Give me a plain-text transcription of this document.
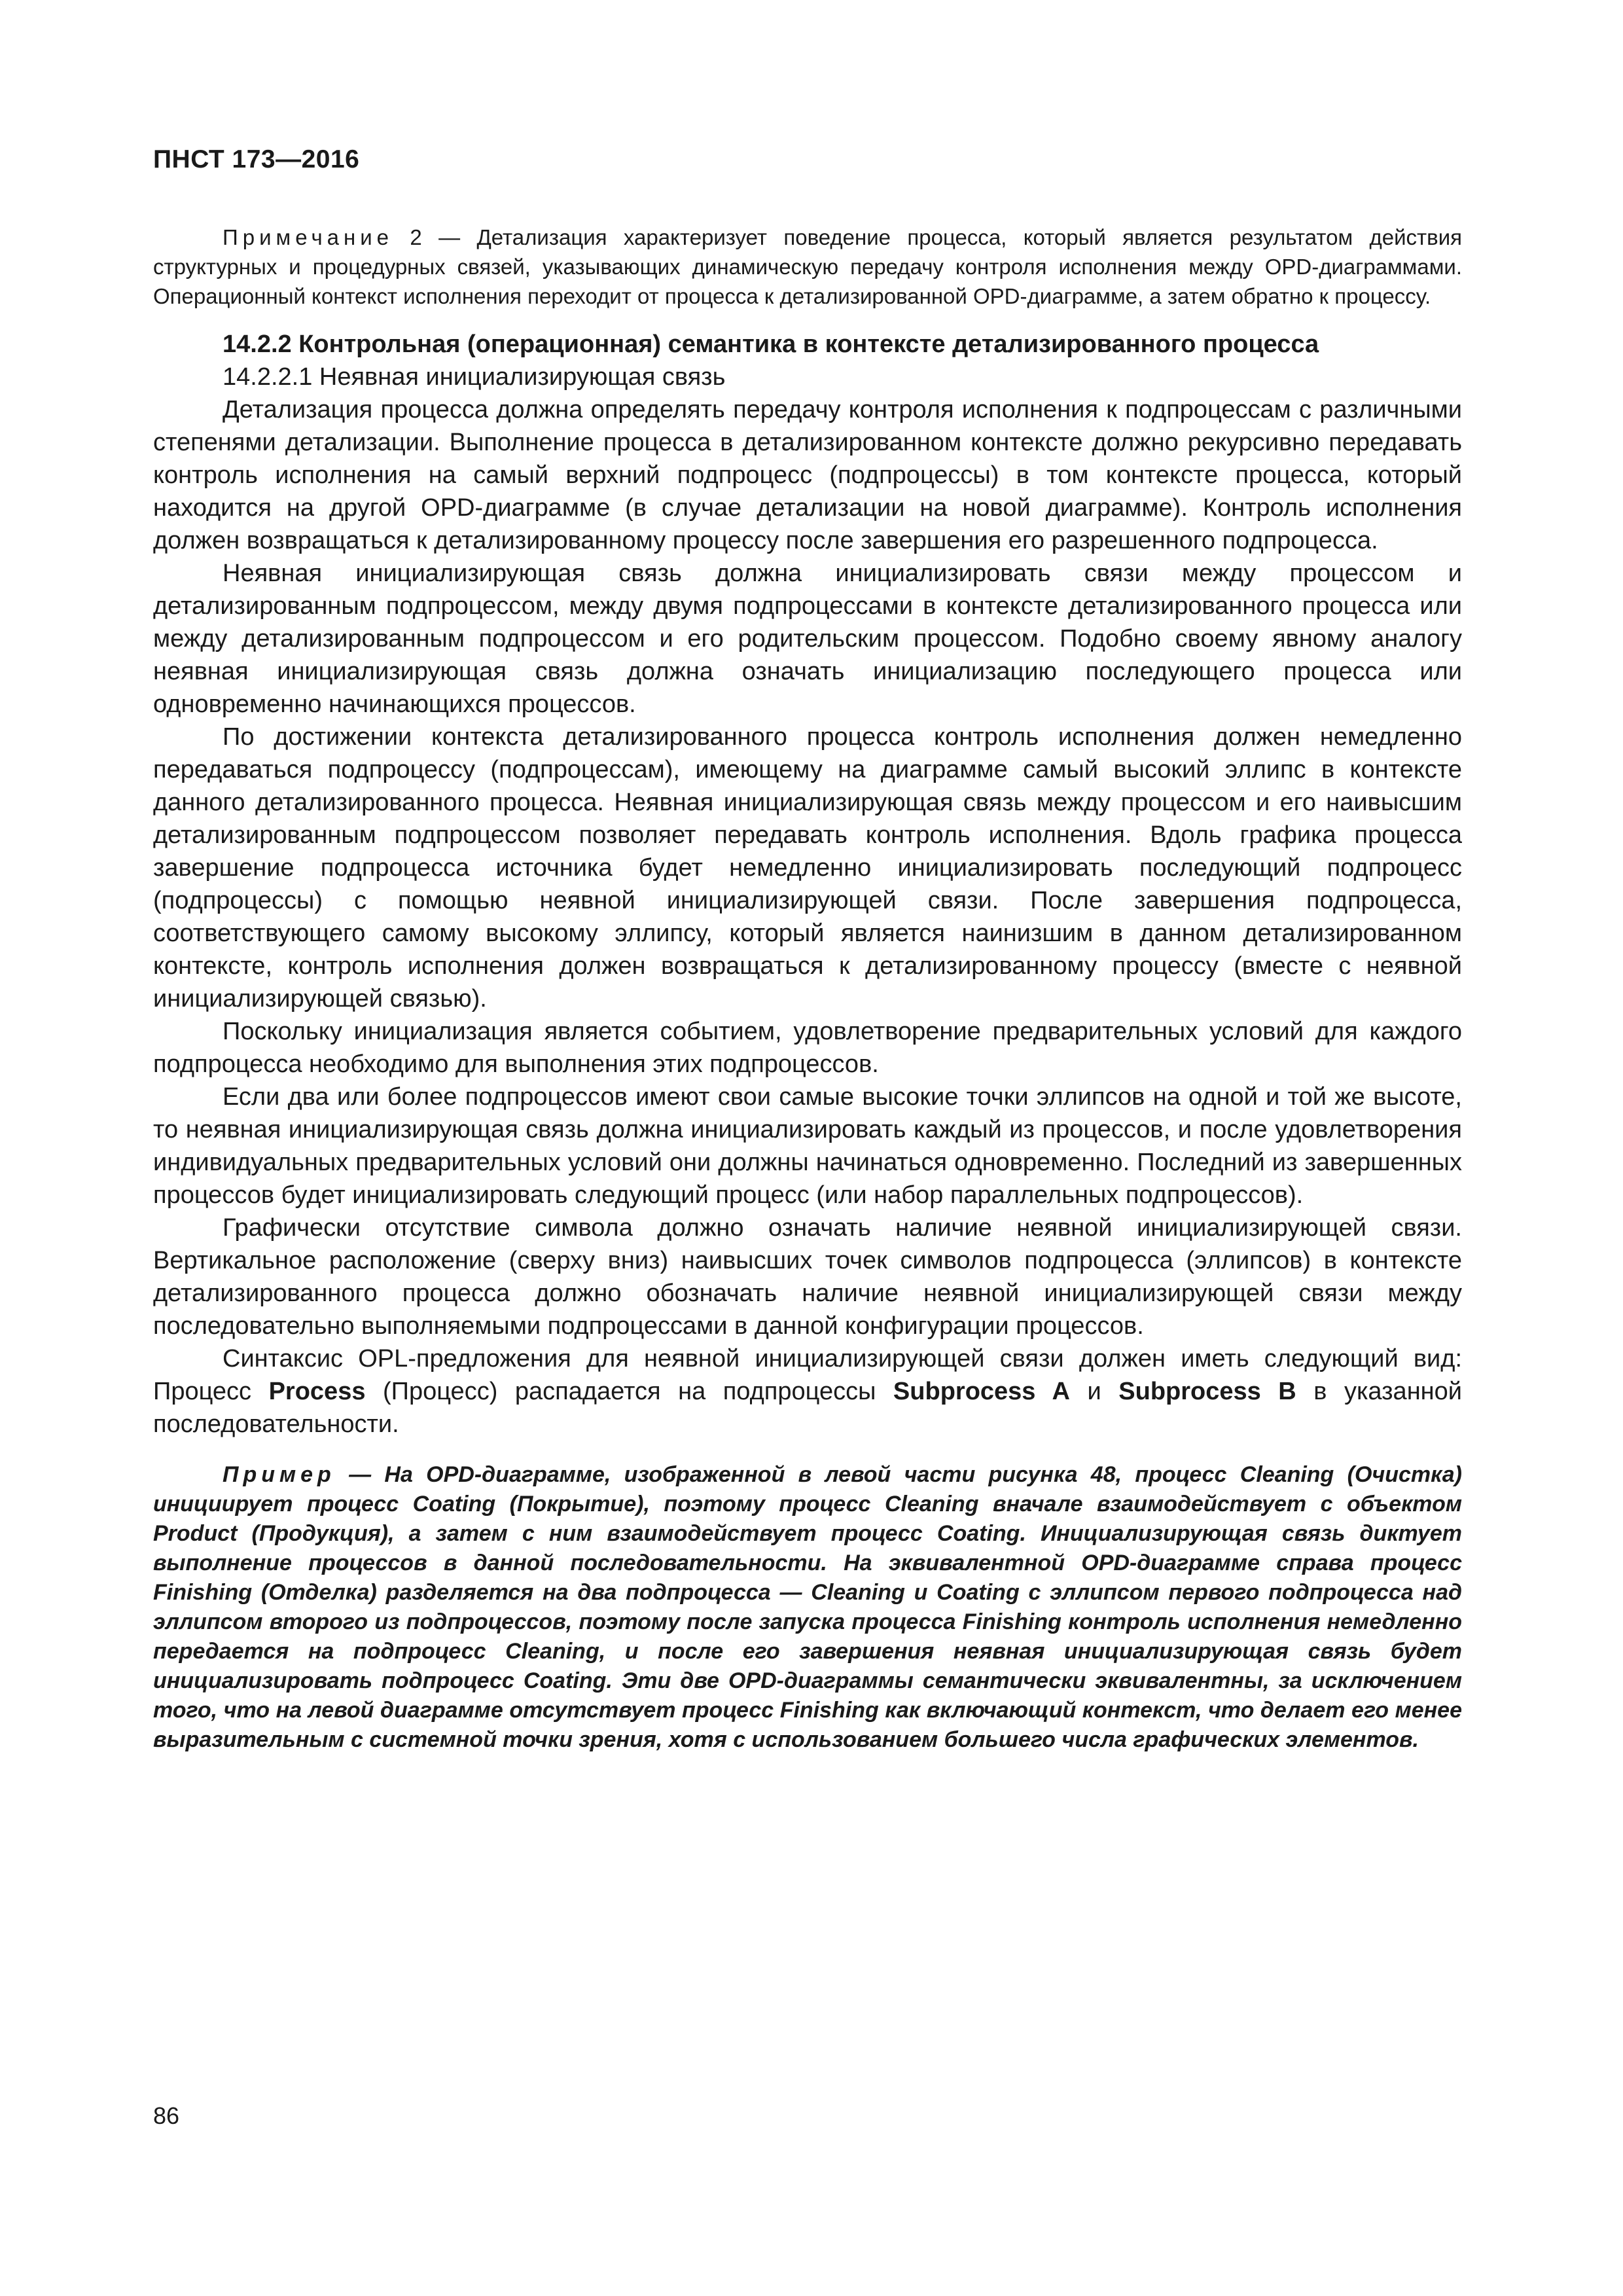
ПНСТ 173—2016

Примечание 2 — Детализация характеризует поведение процесса, который является результатом действия структурных и процедурных связей, указывающих динамическую передачу контроля исполнения между OPD-диаграммами. Операционный контекст исполнения переходит от процесса к детализированной OPD-диаграмме, а затем обратно к процессу.

14.2.2 Контрольная (операционная) семантика в контексте детализированного процесса

14.2.2.1 Неявная инициализирующая связь

Детализация процесса должна определять передачу контроля исполнения к подпроцессам с различными степенями детализации. Выполнение процесса в детализированном контексте должно рекурсивно передавать контроль исполнения на самый верхний подпроцесс (подпроцессы) в том контексте процесса, который находится на другой OPD-диаграмме (в случае детализации на новой диаграмме). Контроль исполнения должен возвращаться к детализированному процессу после завершения его разрешенного подпроцесса.

Неявная инициализирующая связь должна инициализировать связи между процессом и детализированным подпроцессом, между двумя подпроцессами в контексте детализированного процесса или между детализированным подпроцессом и его родительским процессом. Подобно своему явному аналогу неявная инициализирующая связь должна означать инициализацию последующего процесса или одновременно начинающихся процессов.

По достижении контекста детализированного процесса контроль исполнения должен немедленно передаваться подпроцессу (подпроцессам), имеющему на диаграмме самый высокий эллипс в контексте данного детализированного процесса. Неявная инициализирующая связь между процессом и его наивысшим детализированным подпроцессом позволяет передавать контроль исполнения. Вдоль графика процесса завершение подпроцесса источника будет немедленно инициализировать последующий подпроцесс (подпроцессы) с помощью неявной инициализирующей связи. После завершения подпроцесса, соответствующего самому высокому эллипсу, который является наинизшим в данном детализированном контексте, контроль исполнения должен возвращаться к детализированному процессу (вместе с неявной инициализирующей связью).

Поскольку инициализация является событием, удовлетворение предварительных условий для каждого подпроцесса необходимо для выполнения этих подпроцессов.

Если два или более подпроцессов имеют свои самые высокие точки эллипсов на одной и той же высоте, то неявная инициализирующая связь должна инициализировать каждый из процессов, и после удовлетворения индивидуальных предварительных условий они должны начинаться одновременно. Последний из завершенных процессов будет инициализировать следующий процесс (или набор параллельных подпроцессов).

Графически отсутствие символа должно означать наличие неявной инициализирующей связи. Вертикальное расположение (сверху вниз) наивысших точек символов подпроцесса (эллипсов) в контексте детализированного процесса должно обозначать наличие неявной инициализирующей связи между последовательно выполняемыми подпроцессами в данной конфигурации процессов.

Синтаксис OPL-предложения для неявной инициализирующей связи должен иметь следующий вид: Процесс Process (Процесс) распадается на подпроцессы Subprocess A и Subprocess B в указанной последовательности.

Пример — На OPD-диаграмме, изображенной в левой части рисунка 48, процесс Cleaning (Очистка) инициирует процесс Coating (Покрытие), поэтому процесс Cleaning вначале взаимодействует с объектом Product (Продукция), а затем с ним взаимодействует процесс Coating. Инициализирующая связь диктует выполнение процессов в данной последовательности. На эквивалентной OPD-диаграмме справа процесс Finishing (Отделка) разделяется на два подпроцесса — Cleaning и Coating с эллипсом первого подпроцесса над эллипсом второго из подпроцессов, поэтому после запуска процесса Finishing контроль исполнения немедленно передается на подпроцесс Cleaning, и после его завершения неявная инициализирующая связь будет инициализировать подпроцесс Coating. Эти две OPD-диаграммы семантически эквивалентны, за исключением того, что на левой диаграмме отсутствует процесс Finishing как включающий контекст, что делает его менее выразительным с системной точки зрения, хотя с использованием большего числа графических элементов.

86
